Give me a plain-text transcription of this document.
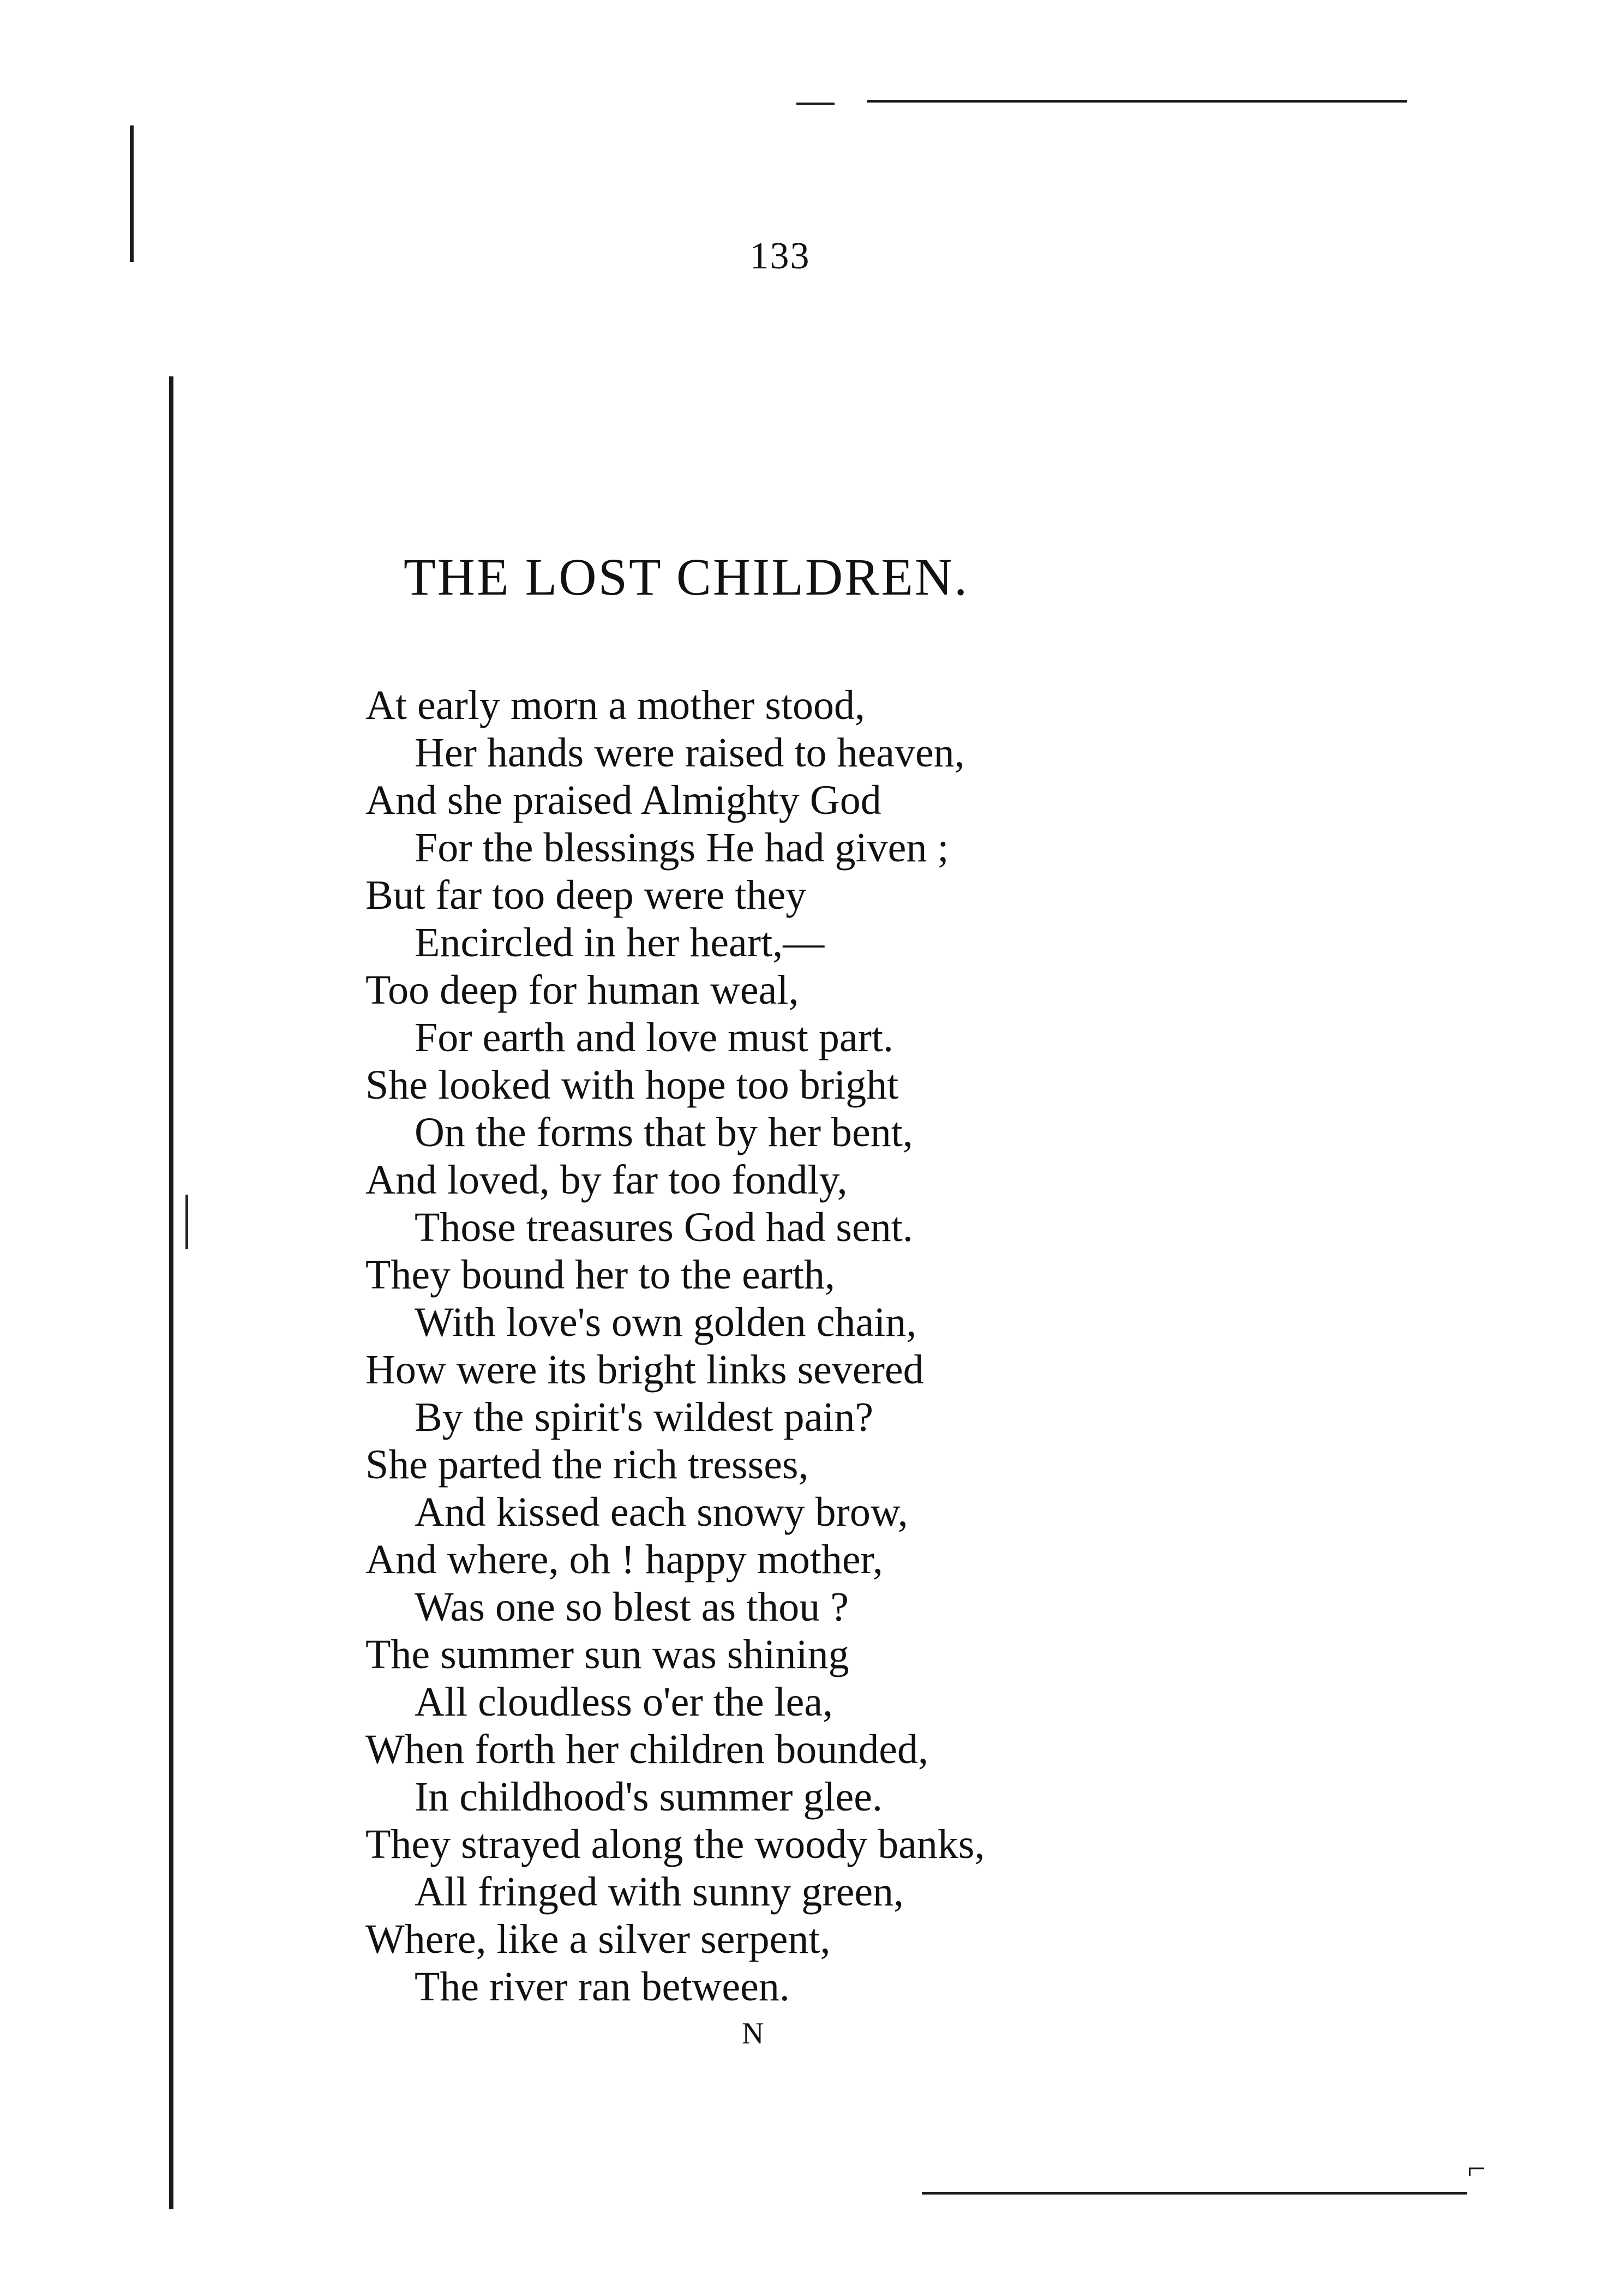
133
THE LOST CHILDREN.
At early morn a mother stood,
Her hands were raised to heaven,
And she praised Almighty God
For the blessings He had given ;
But far too deep were they
Encircled in her heart,—
Too deep for human weal,
For earth and love must part.
She looked with hope too bright
On the forms that by her bent,
And loved, by far too fondly,
Those treasures God had sent.
They bound her to the earth,
With love's own golden chain,
How were its bright links severed
By the spirit's wildest pain?
She parted the rich tresses,
And kissed each snowy brow,
And where, oh ! happy mother,
Was one so blest as thou ?
The summer sun was shining
All cloudless o'er the lea,
When forth her children bounded,
In childhood's summer glee.
They strayed along the woody banks,
All fringed with sunny green,
Where, like a silver serpent,
The river ran between.
N
⌐
